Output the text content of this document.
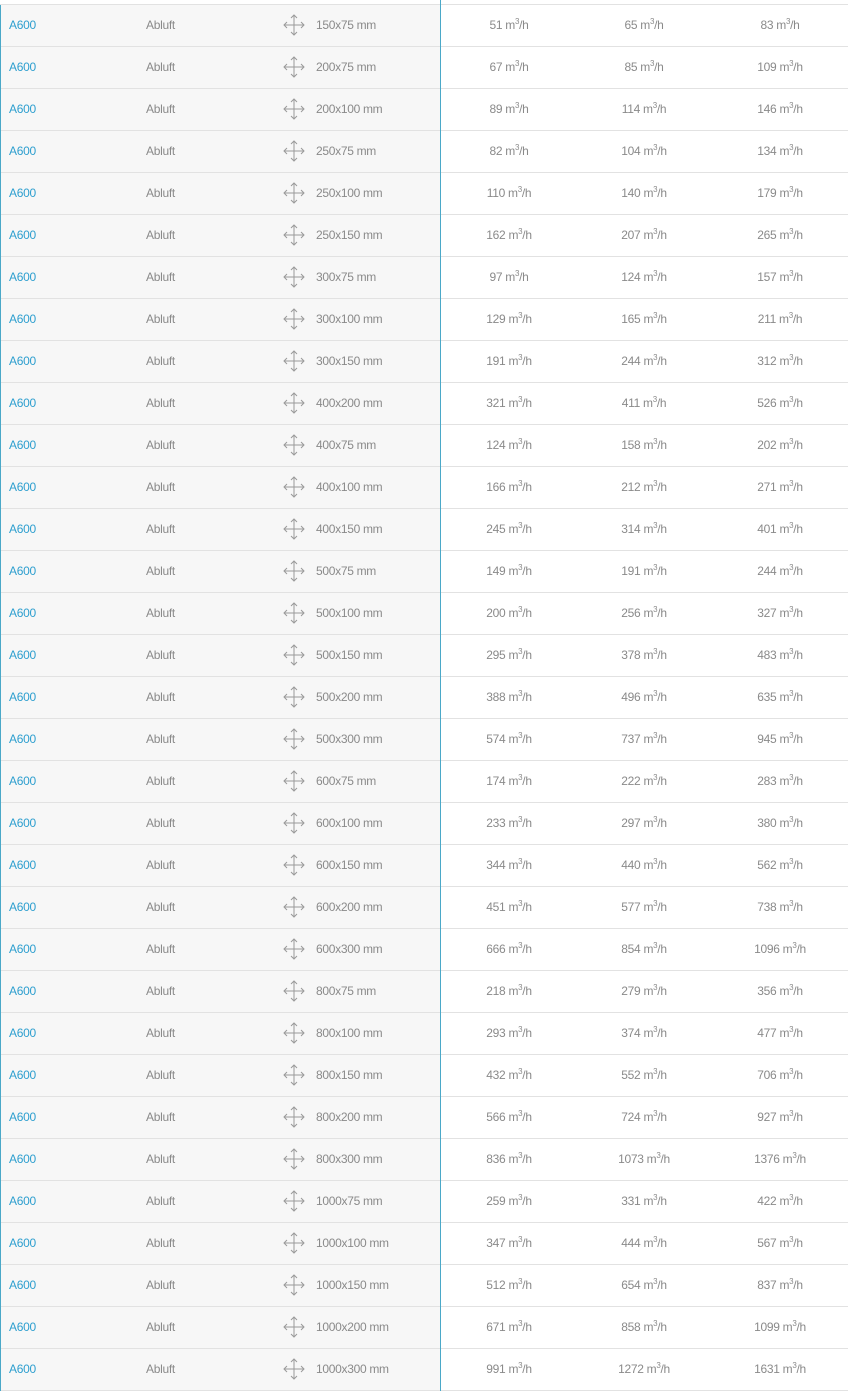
A600	Abluft	150x75 mm	51 $m^3/h$	65 $m^3/h$	83 $m^3/h$
A600	Abluft	200x75 mm	67 $m^3/h$	85 $m^3/h$	109 $m^3/h$
A600	Abluft	200x100 mm	89 $m^3/h$	114 $m^3/h$	146 $m^3/h$
A600	Abluft	250x75 mm	82 $m^3/h$	104 $m^3/h$	134 $m^3/h$
A600	Abluft	250x100 mm	110 $m^3/h$	140 $m^3/h$	179 $m^3/h$
A600	Abluft	250x150 mm	162 $m^3/h$	207 $m^3/h$	265 $m^3/h$
A600	Abluft	300x75 mm	97 $m^3/h$	124 $m^3/h$	157 $m^3/h$
A600	Abluft	300x100 mm	129 $m^3/h$	165 $m^3/h$	211 $m^3/h$
A600	Abluft	300x150 mm	191 $m^3/h$	244 $m^3/h$	312 $m^3/h$
A600	Abluft	400x200 mm	321 $m^3/h$	411 $m^3/h$	526 $m^3/h$
A600	Abluft	400x75 mm	124 $m^3/h$	158 $m^3/h$	202 $m^3/h$
A600	Abluft	400x100 mm	166 $m^3/h$	212 $m^3/h$	271 $m^3/h$
A600	Abluft	400x150 mm	245 $m^3/h$	314 $m^3/h$	401 $m^3/h$
A600	Abluft	500x75 mm	149 $m^3/h$	191 $m^3/h$	244 $m^3/h$
A600	Abluft	500x100 mm	200 $m^3/h$	256 $m^3/h$	327 $m^3/h$
A600	Abluft	500x150 mm	295 $m^3/h$	378 $m^3/h$	483 $m^3/h$
A600	Abluft	500x200 mm	388 $m^3/h$	496 $m^3/h$	635 $m^3/h$
A600	Abluft	500x300 mm	574 $m^3/h$	737 $m^3/h$	945 $m^3/h$
A600	Abluft	600x75 mm	174 $m^3/h$	222 $m^3/h$	283 $m^3/h$
A600	Abluft	600x100 mm	233 $m^3/h$	297 $m^3/h$	380 $m^3/h$
A600	Abluft	600x150 mm	344 $m^3/h$	440 $m^3/h$	562 $m^3/h$
A600	Abluft	600x200 mm	451 $m^3/h$	577 $m^3/h$	738 $m^3/h$
A600	Abluft	600x300 mm	666 $m^3/h$	854 $m^3/h$	1096 $m^3/h$
A600	Abluft	800x75 mm	218 $m^3/h$	279 $m^3/h$	356 $m^3/h$
A600	Abluft	800x100 mm	293 $m^3/h$	374 $m^3/h$	477 $m^3/h$
A600	Abluft	800x150 mm	432 $m^3/h$	552 $m^3/h$	706 $m^3/h$
A600	Abluft	800x200 mm	566 $m^3/h$	724 $m^3/h$	927 $m^3/h$
A600	Abluft	800x300 mm	836 $m^3/h$	1073 $m^3/h$	1376 $m^3/h$
A600	Abluft	1000x75 mm	259 $m^3/h$	331 $m^3/h$	422 $m^3/h$
A600	Abluft	1000x100 mm	347 $m^3/h$	444 $m^3/h$	567 $m^3/h$
A600	Abluft	1000x150 mm	512 $m^3/h$	654 $m^3/h$	837 $m^3/h$
A600	Abluft	1000x200 mm	671 $m^3/h$	858 $m^3/h$	1099 $m^3/h$
A600	Abluft	1000x300 mm	991 $m^3/h$	1272 $m^3/h$	1631 $m^3/h$
